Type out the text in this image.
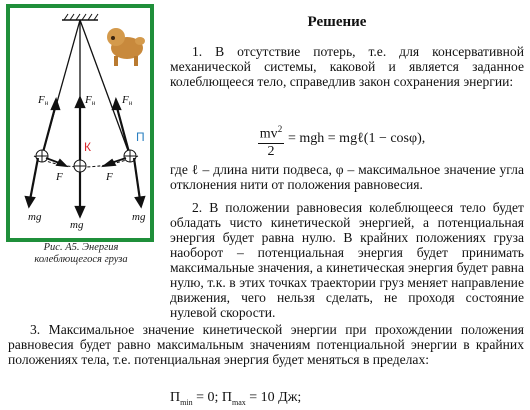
Fн	Fн Fн
F	F
mg
mg
mg
К
П
Рис. А5. Энергия
колеблющегося груза
Решение
1. В отсутствие потерь, т.е. для консервативной механической системы, каковой и является заданное колеблющееся тело, справедлив закон сохранения энергии:
$\frac{mv^2}{2}$ = mgh = mgℓ(1 − cosφ),
где ℓ – длина нити подвеса, φ – максимальное значение угла отклонения нити от положения равновесия.
2. В положении равновесия колеблющееся тело будет обладать чисто кинетической энергией, а потенциальная энергия будет равна нулю. В крайних положениях груза наоборот – потенциальная энергия будет принимать максимальные значения, а кинетическая энергия будет равна нулю, т.к. в этих точках траектории груз меняет направление движения, чего нельзя сделать, не проходя состояние нулевой скорости.
3. Максимальное значение кинетической энергии при прохождении положения равновесия будет равно максимальным значениям потенциальной энергии в крайних положениях тела, т.е. потенциальная энергия будет меняться в пределах:
$П_{min} = 0$; $П_{max} = 10$ Дж;
